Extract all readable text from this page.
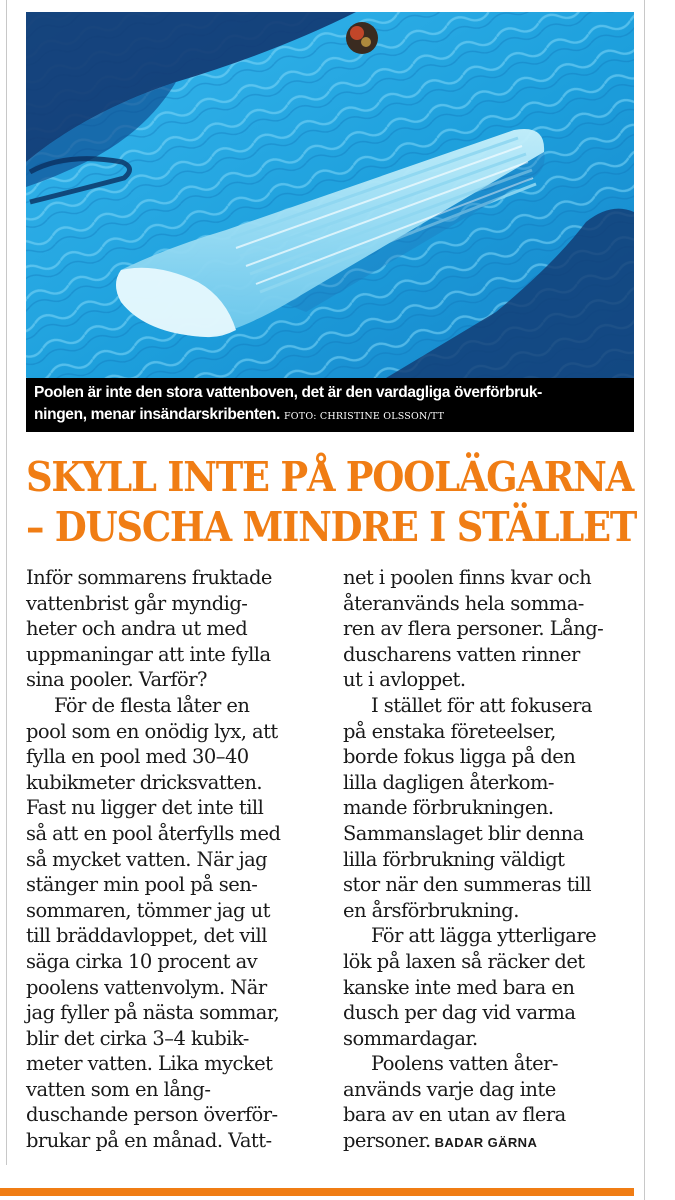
Poolen är inte den stora vattenboven, det är den vardagliga överförbruk-
ningen, menar insändarskribenten. FOTO: CHRISTINE OLSSON/TT
SKYLL INTE PÅ POOLÄGARNA
– DUSCHA MINDRE I STÄLLET
Inför sommarens fruktade
vattenbrist går myndig-
heter och andra ut med
uppmaningar att inte fylla
sina pooler. Varför?
För de flesta låter en
pool som en onödig lyx, att
fylla en pool med 30–40
kubikmeter dricksvatten.
Fast nu ligger det inte till
så att en pool återfylls med
så mycket vatten. När jag
stänger min pool på sen-
sommaren, tömmer jag ut
till bräddavloppet, det vill
säga cirka 10 procent av
poolens vattenvolym. När
jag fyller på nästa sommar,
blir det cirka 3–4 kubik-
meter vatten. Lika mycket
vatten som en lång-
duschande person överför-
brukar på en månad. Vatt-
net i poolen finns kvar och
återanvänds hela somma-
ren av flera personer. Lång-
duscharens vatten rinner
ut i avloppet.
I stället för att fokusera
på enstaka företeelser,
borde fokus ligga på den
lilla dagligen återkom-
mande förbrukningen.
Sammanslaget blir denna
lilla förbrukning väldigt
stor när den summeras till
en årsförbrukning.
För att lägga ytterligare
lök på laxen så räcker det
kanske inte med bara en
dusch per dag vid varma
sommardagar.
Poolens vatten åter-
används varje dag inte
bara av en utan av flera
personer. BADAR GÄRNA
